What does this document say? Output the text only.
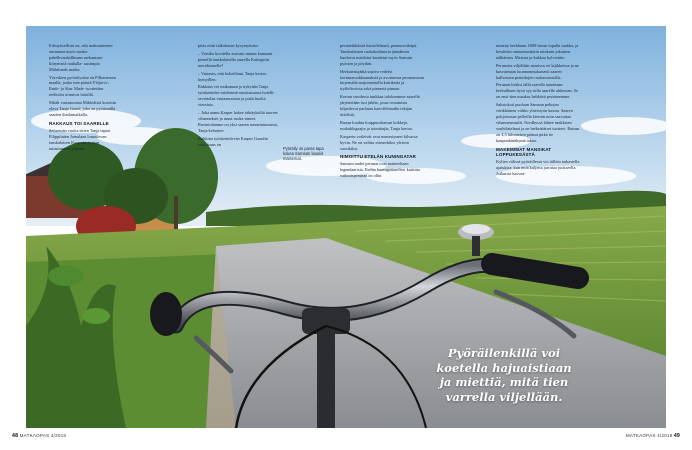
Edistyksellistä on, että maksamineen ominntaa myös marka-pahelhvanhallinnan mekanismi liittymistä rauhalla- uusimpia Mölnlunds marka.

Yöretkien pyöräilyalue on Pilloniemen maalla, jonka tien päästä Ylöjärvi-, Ilmiö- ja Shar Made -tuotteiden teelitalot toimivat hissillä.

Mitäli vastaanottaa Mikkelistä kotoisin oleva Tanja Gaard, joka on pyörinnillä saarien ihailumatkalla.

RAKKAUS TOI SAARELLE

Seitsemän vuotta sitten Tanja tapasi Filippiinien Jomalaan lomailevan tanskalaisen Kasperin ja pian tutustumisen jälkeen

pitäs mitti talkahoran kysymyksiin:

– Voisiko kuvitella asuvani minun kanssani pienellä tanskalaisella saarella Kattegatin meridiaanella?

– Vastasin, että kokeillaan, Tanja kertoo hymyillen.

Rakkaus vei mukanaan ja nykyään Tanja työskentelee mielenmä-omistamansa hotelli- ravintolan vastaanotossa ja pitää huolta vieraista.

– Joka aamu Kasper hakee tähtäyksiltä tuoreet vihannekset ja muut ruoka-aineet. Ravintolamme on yksi saaren tunnetuimmista, Tanja kehaisee.

Kokkina työskentelevän Kasper Gaardin erikoisuus on

perinteikkäistä kartoffelmad, perunavoileipä. Tanskalaisten ruokakulttuuria jännäksen kuuluvat maidotut kaudetut myös Samsøn pyörien ja pöydän.

Herkutettujäätä sopiva vedetyt kornmaruokkaanuksiä ja avoimessa perunaruoan kirjomalla majonnaisella kastiketta ja tryffelivoissa sekä pienestä pinnan.

Kerran vuodessa tunkkaa tuloksemme saarella järjestetään isot juhlat, jossa rosiamista kilpailevat parhaan kartoffelmadin tekijän tittelistä.

Ruoan kuuluu huippusohaisun kokkeja, ruokablogaajia ja toimittajia, Tanja kertoo.

Kasperin voileivät ovat menestyneet kilvassa hyvin. Ne on valittu esimerkiksi yleisön suosikiksi.

NIMOITTU ETELÄN KUNINGATAR

Samsøn uudet perunat ovat maineeltaan legendaarisia. Etelän kuningattarellesi kuittitta vatkuitsperunaa on ollut

nimetty herkkuun 1800-luvun lopulla saakka, ja kestäviin ominaisuuksiin niinkuin jokainen nälkäinen. Maissia ja kukkaa kylvetään.

Perunoita viljellään monissa eri lajikkeissa ja ne kasvatetaan luonnonmukaisesti saaren kallioisten pientilojen ruokaosastoilla.

Perunan lisäksi tällä saarella tunnetaan herkullinen hyvä syy tulla saarelle ahkeraan. Se on ensi-tien maukas hehkävä perinteemme.

Saksiokoti puoloan Samsøn peltojen värikkäinen viihko yhteistyön kassia. Saaren pohjoisosan pelloilla kierrän miin saavuttaa vihannesmaalit. Nordbyssä lähtee tunkkisen vauhdistelmat ja ne hetkeittäiset tuotteet. Ratsun on 4,5 kilometrin päässä pitkä tie kaupunkinäkymä takaa.

MAKEIMMAT MANSIKAT LOPPUKESÄSTÄ

Kylien välissä pyöräillessä voi tällöin tarkastella ajatuksia: kun mitä kuljetta jarrutaa juokseella. Jotkuista kasvua-

Pyöräily on paras tapa kokea Samsøn kauniit maisemat.
Pyöräilenkillä voi koetella hajuaistiaan ja miettiä, mitä tien varrella viljellään.
48 MATKAOPAS 4/2018	MATKAOPAS 4/2018 49
